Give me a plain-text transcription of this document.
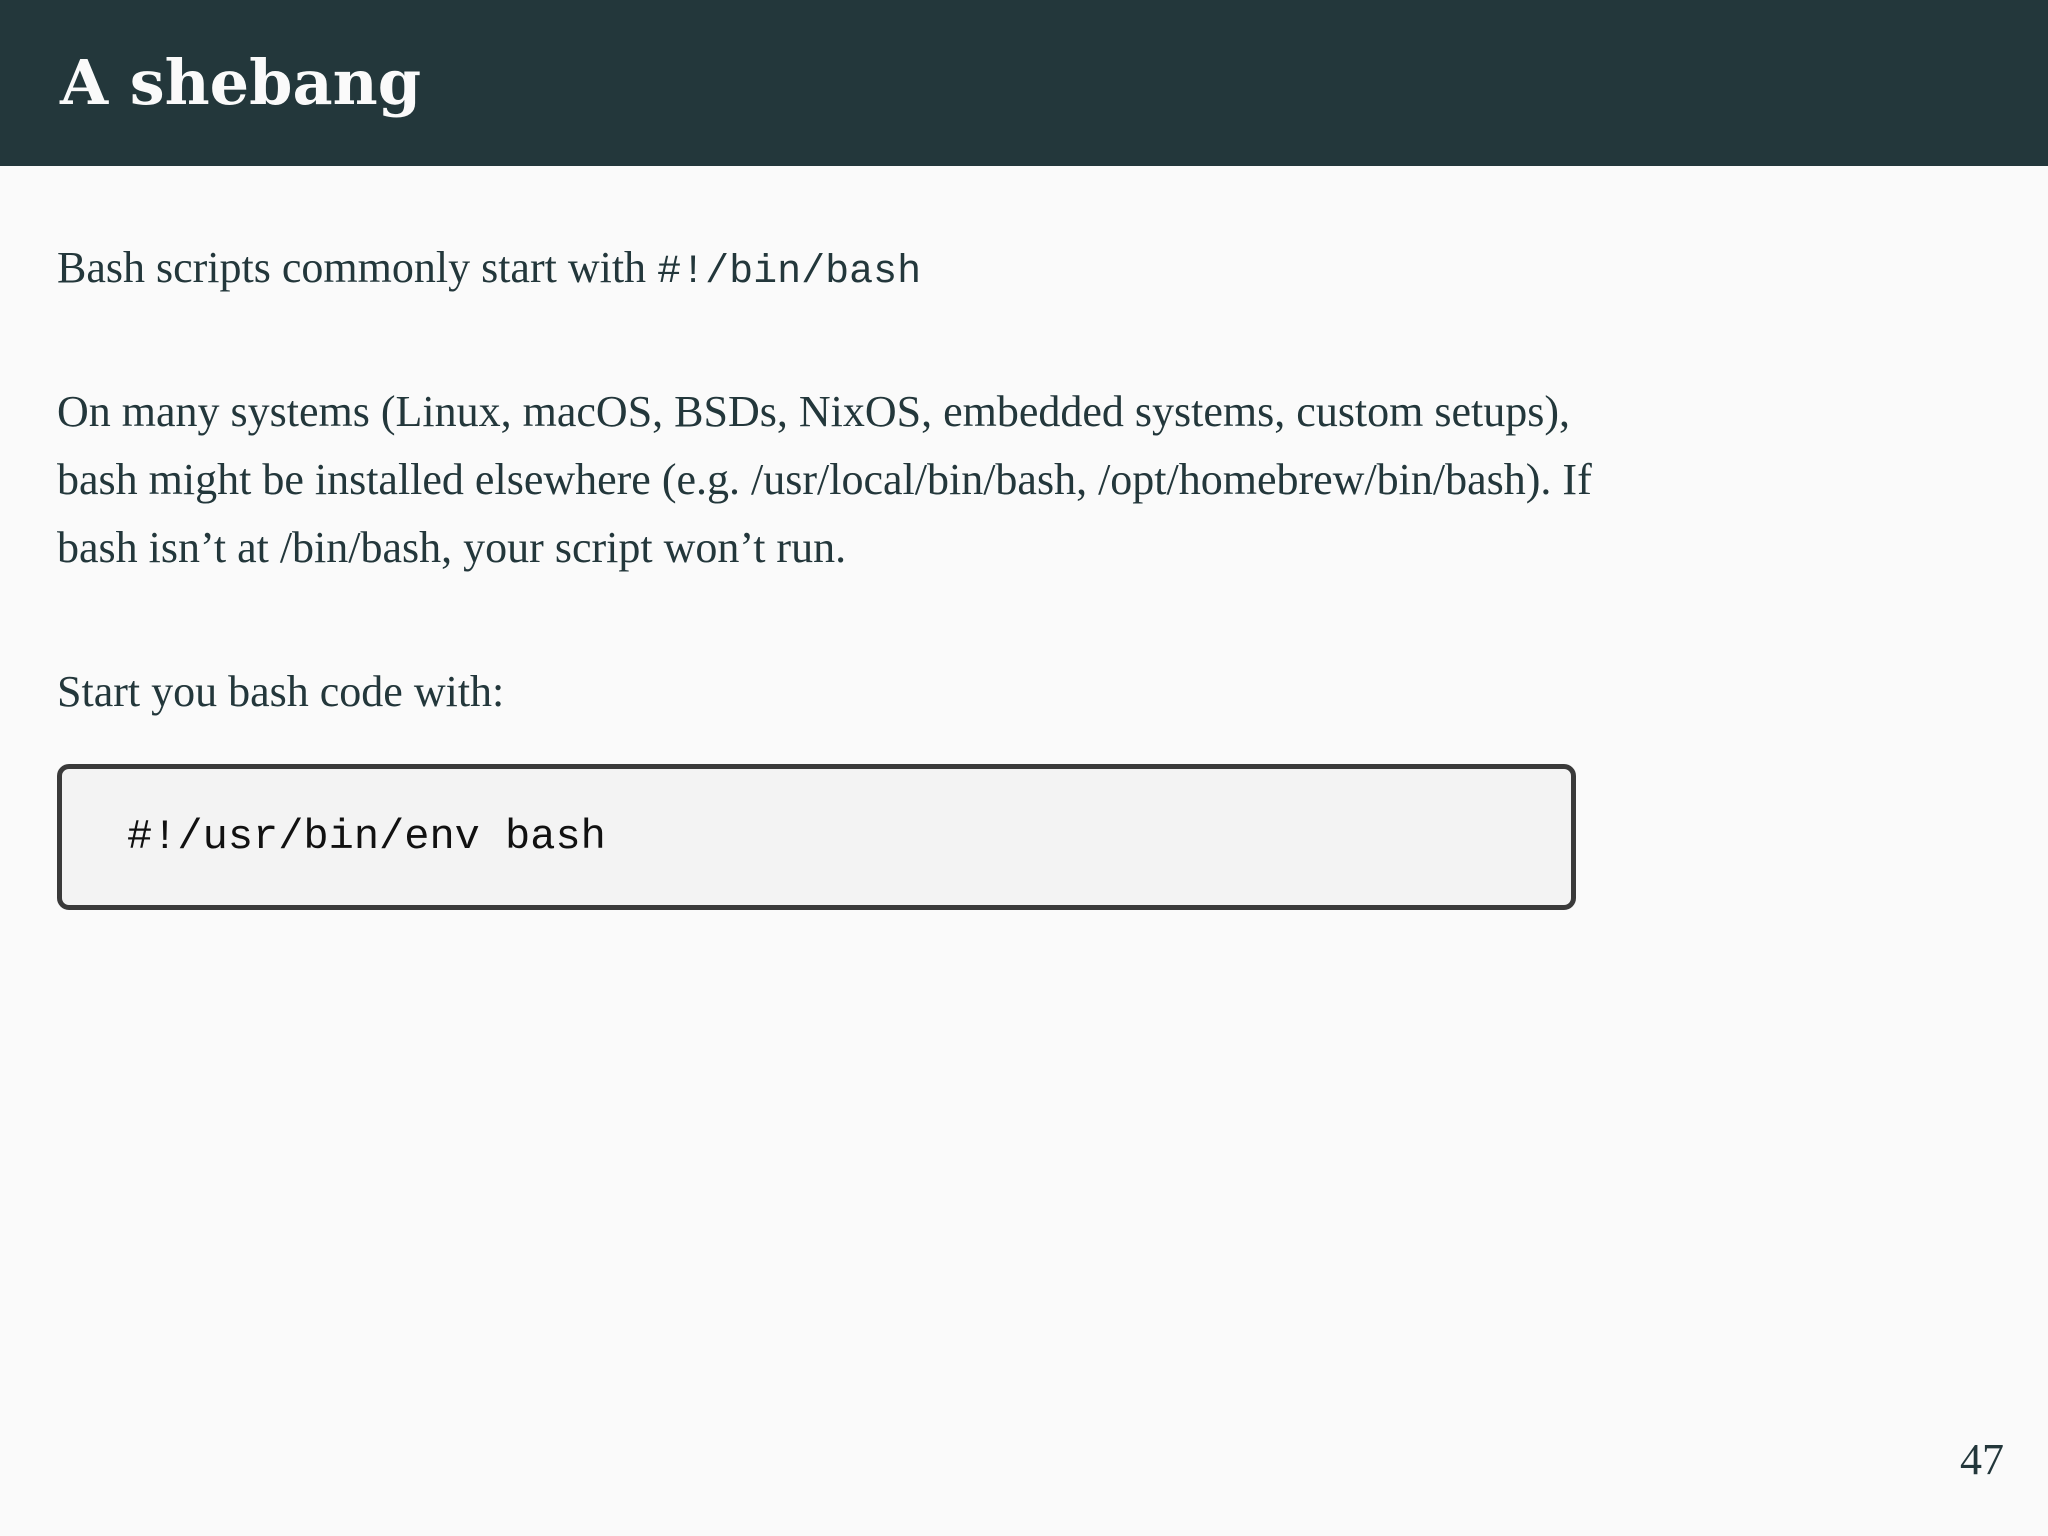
A shebang

Bash scripts commonly start with #!/bin/bash

On many systems (Linux, macOS, BSDs, NixOS, embedded systems, custom setups), bash might be installed elsewhere (e.g. /usr/local/bin/bash, /opt/homebrew/bin/bash). If bash isn’t at /bin/bash, your script won’t run.

Start you bash code with:

#!/usr/bin/env bash

47
